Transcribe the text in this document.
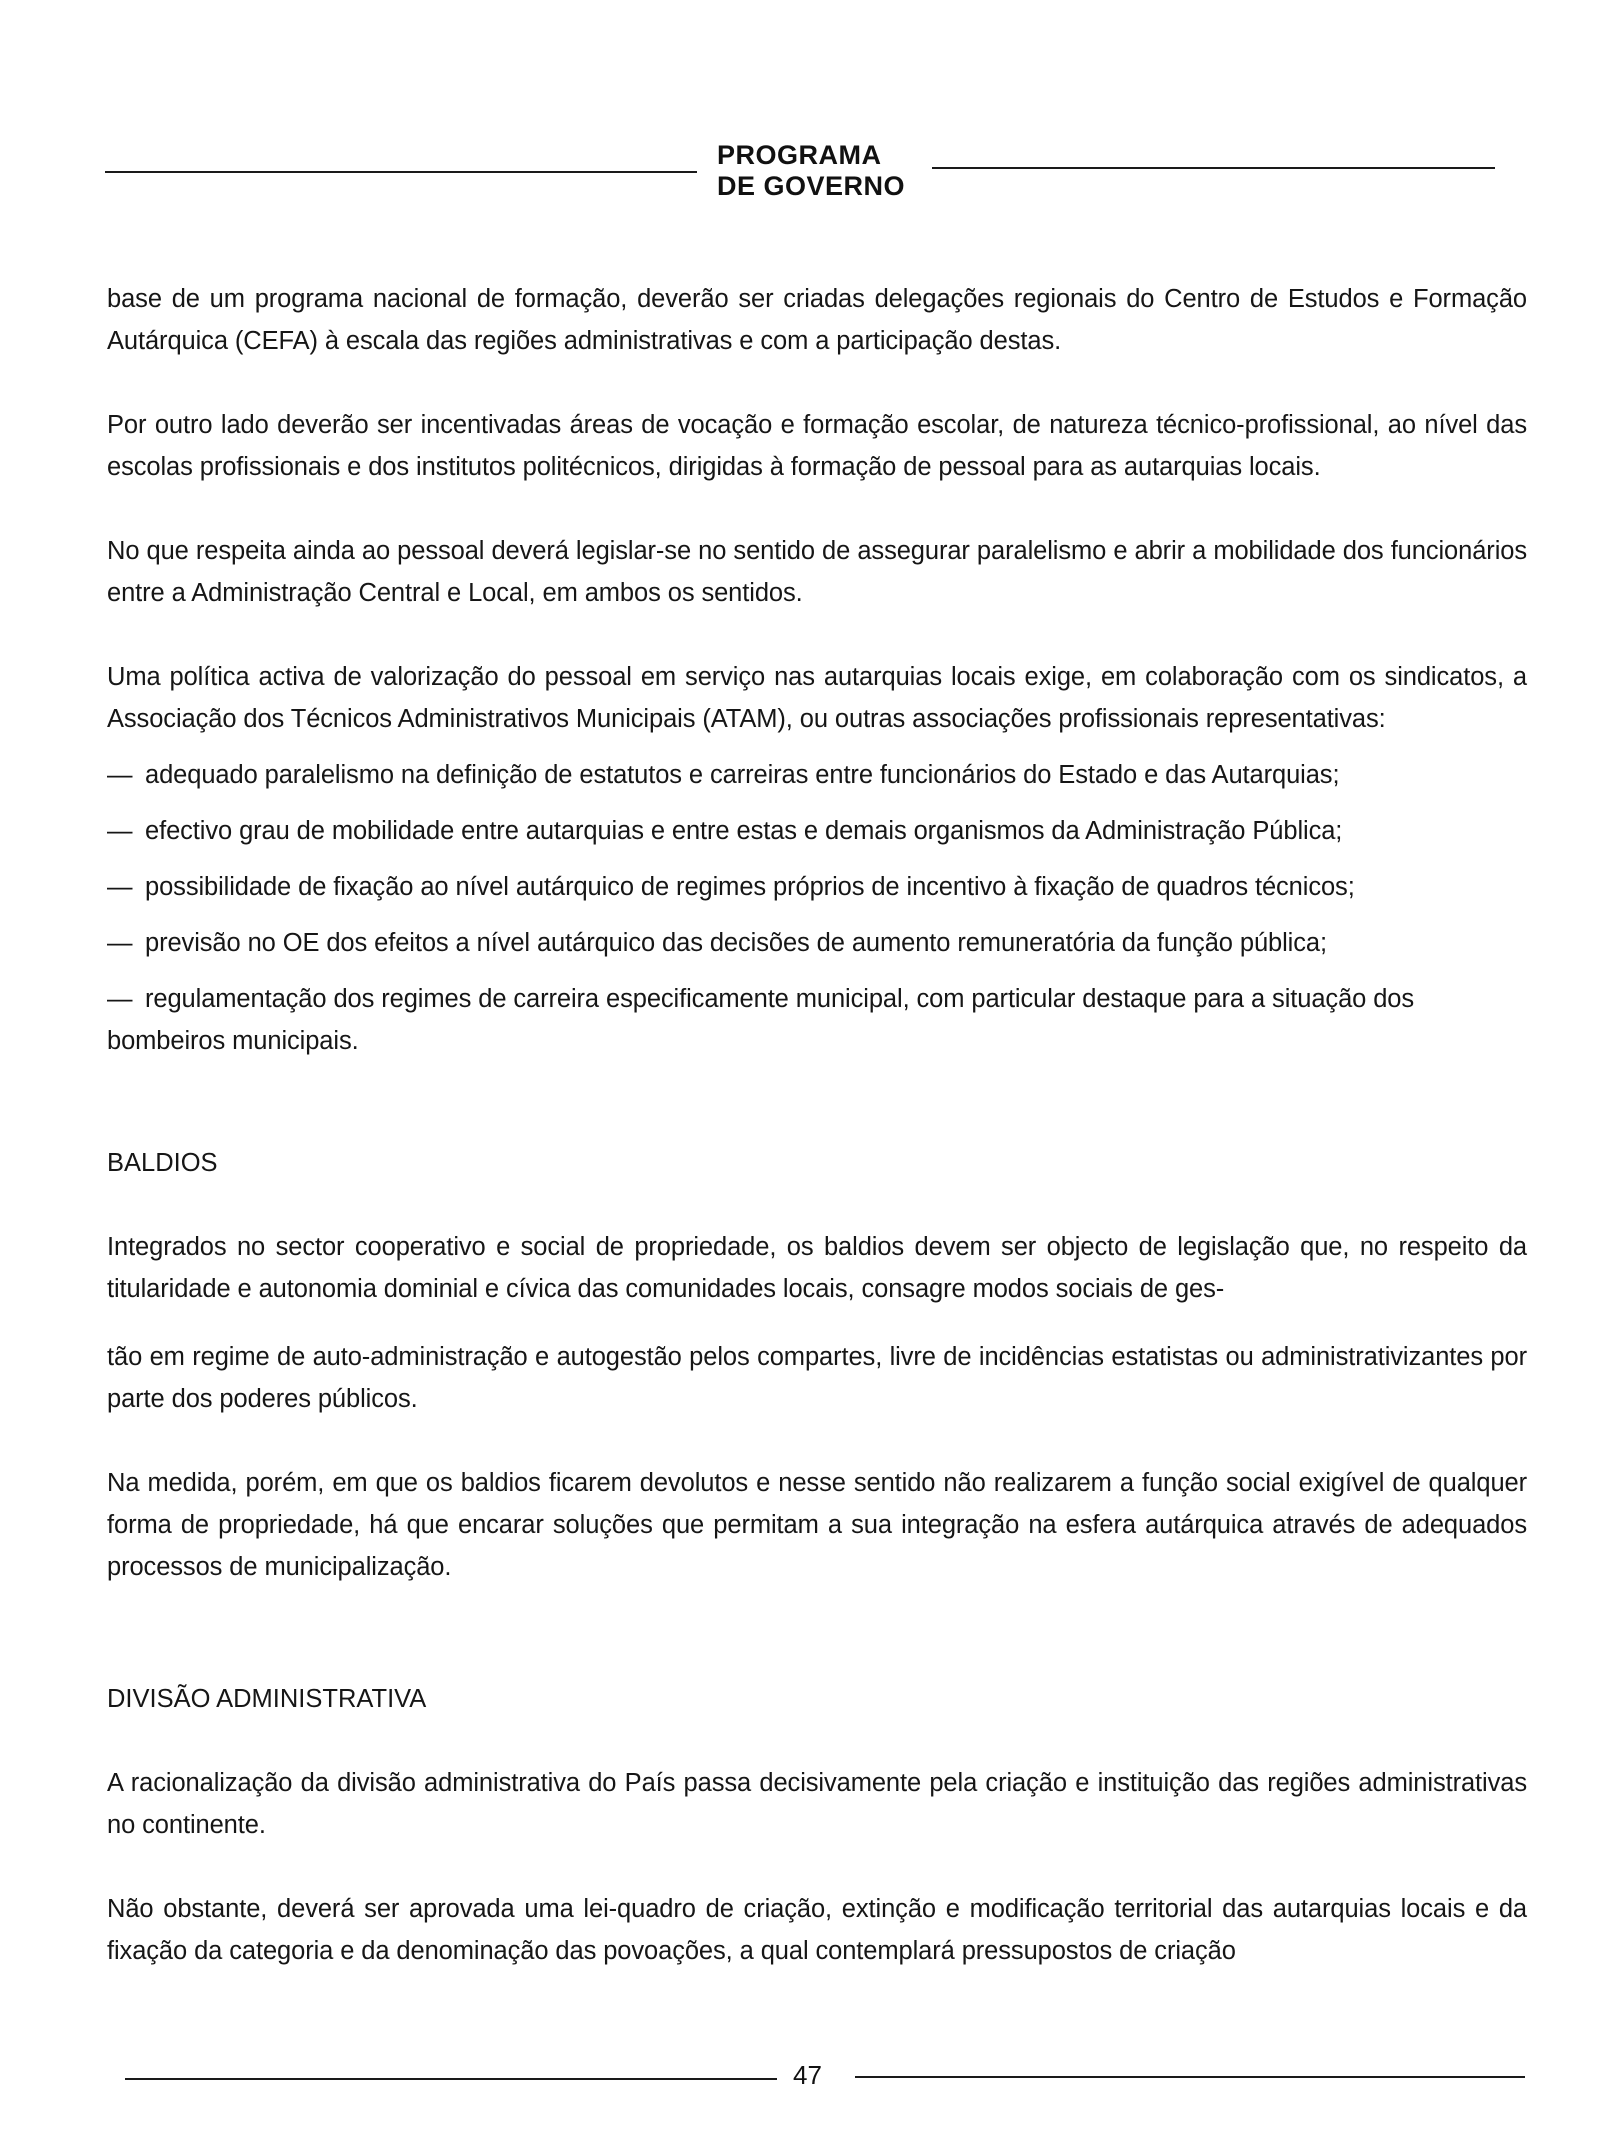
PROGRAMA
DE GOVERNO

base de um programa nacional de formação, deverão ser criadas delegações regionais do Centro de Estudos e Formação Autárquica (CEFA) à escala das regiões administrativas e com a participação destas.

Por outro lado deverão ser incentivadas áreas de vocação e formação escolar, de natureza técnico-profissional, ao nível das escolas profissionais e dos institutos politécnicos, dirigidas à formação de pessoal para as autarquias locais.

No que respeita ainda ao pessoal deverá legislar-se no sentido de assegurar paralelismo e abrir a mobilidade dos funcionários entre a Administração Central e Local, em ambos os sentidos.

Uma política activa de valorização do pessoal em serviço nas autarquias locais exige, em colaboração com os sindicatos, a Associação dos Técnicos Administrativos Municipais (ATAM), ou outras associações profissionais representativas:

— adequado paralelismo na definição de estatutos e carreiras entre funcionários do Estado e das Autarquias;
— efectivo grau de mobilidade entre autarquias e entre estas e demais organismos da Administração Pública;
— possibilidade de fixação ao nível autárquico de regimes próprios de incentivo à fixação de quadros técnicos;
— previsão no OE dos efeitos a nível autárquico das decisões de aumento remuneratória da função pública;
— regulamentação dos regimes de carreira especificamente municipal, com particular destaque para a situação dos bombeiros municipais.
BALDIOS

Integrados no sector cooperativo e social de propriedade, os baldios devem ser objecto de legislação que, no respeito da titularidade e autonomia dominial e cívica das comunidades locais, consagre modos sociais de ges-

tão em regime de auto-administração e autogestão pelos compartes, livre de incidências estatistas ou administrativizantes por parte dos poderes públicos.

Na medida, porém, em que os baldios ficarem devolutos e nesse sentido não realizarem a função social exigível de qualquer forma de propriedade, há que encarar soluções que permitam a sua integração na esfera autárquica através de adequados processos de municipalização.

DIVISÃO ADMINISTRATIVA

A racionalização da divisão administrativa do País passa decisivamente pela criação e instituição das regiões administrativas no continente.

Não obstante, deverá ser aprovada uma lei-quadro de criação, extinção e modificação territorial das autarquias locais e da fixação da categoria e da denominação das povoações, a qual contemplará pressupostos de criação

47
